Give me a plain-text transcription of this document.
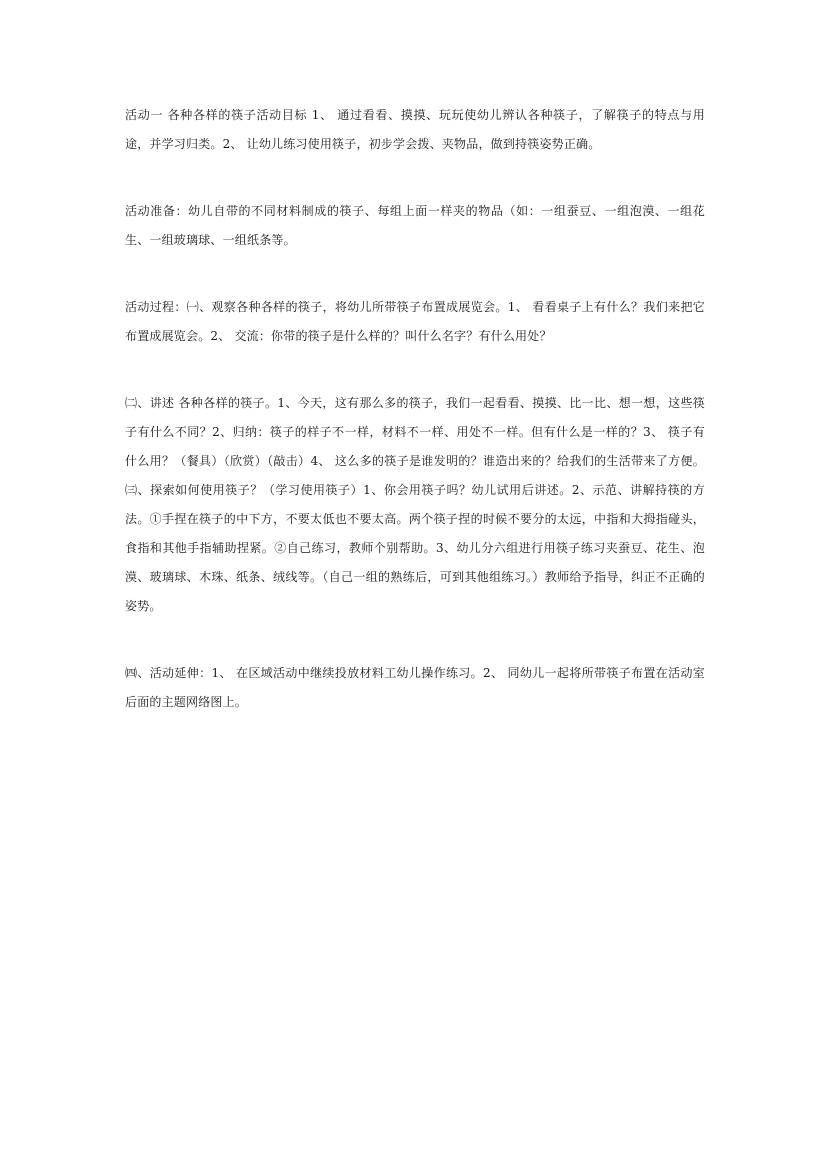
活动一 各种各样的筷子活动目标 1、 通过看看、摸摸、玩玩使幼儿辨认各种筷子，了解筷子的特点与用途，并学习归类。2、 让幼儿练习使用筷子，初步学会拨、夹物品，做到持筷姿势正确。

活动准备：幼儿自带的不同材料制成的筷子、每组上面一样夹的物品（如：一组蚕豆、一组泡漠、一组花生、一组玻璃球、一组纸条等。

活动过程：㈠、观察各种各样的筷子，将幼儿所带筷子布置成展览会。1、 看看桌子上有什么？我们来把它布置成展览会。2、 交流：你带的筷子是什么样的？叫什么名字？有什么用处？

㈡、讲述 各种各样的筷子。1、今天，这有那么多的筷子，我们一起看看、摸摸、比一比、想一想，这些筷子有什么不同？2、归纳：筷子的样子不一样，材料不一样、用处不一样。但有什么是一样的？3、 筷子有什么用？（餐具）（欣赏）（敲击）4、 这么多的筷子是谁发明的？谁造出来的？给我们的生活带来了方便。㈢、探索如何使用筷子？（学习使用筷子）1、你会用筷子吗？幼儿试用后讲述。2、示范、讲解持筷的方法。①手捏在筷子的中下方，不要太低也不要太高。两个筷子捏的时候不要分的太远，中指和大拇指碰头，食指和其他手指辅助捏紧。②自己练习，教师个别帮助。3、幼儿分六组进行用筷子练习夹蚕豆、花生、泡漠、玻璃球、木珠、纸条、绒线等。（自己一组的熟练后，可到其他组练习。）教师给予指导，纠正不正确的姿势。

㈣、活动延伸：1、 在区域活动中继续投放材料工幼儿操作练习。2、 同幼儿一起将所带筷子布置在活动室后面的主题网络图上。
